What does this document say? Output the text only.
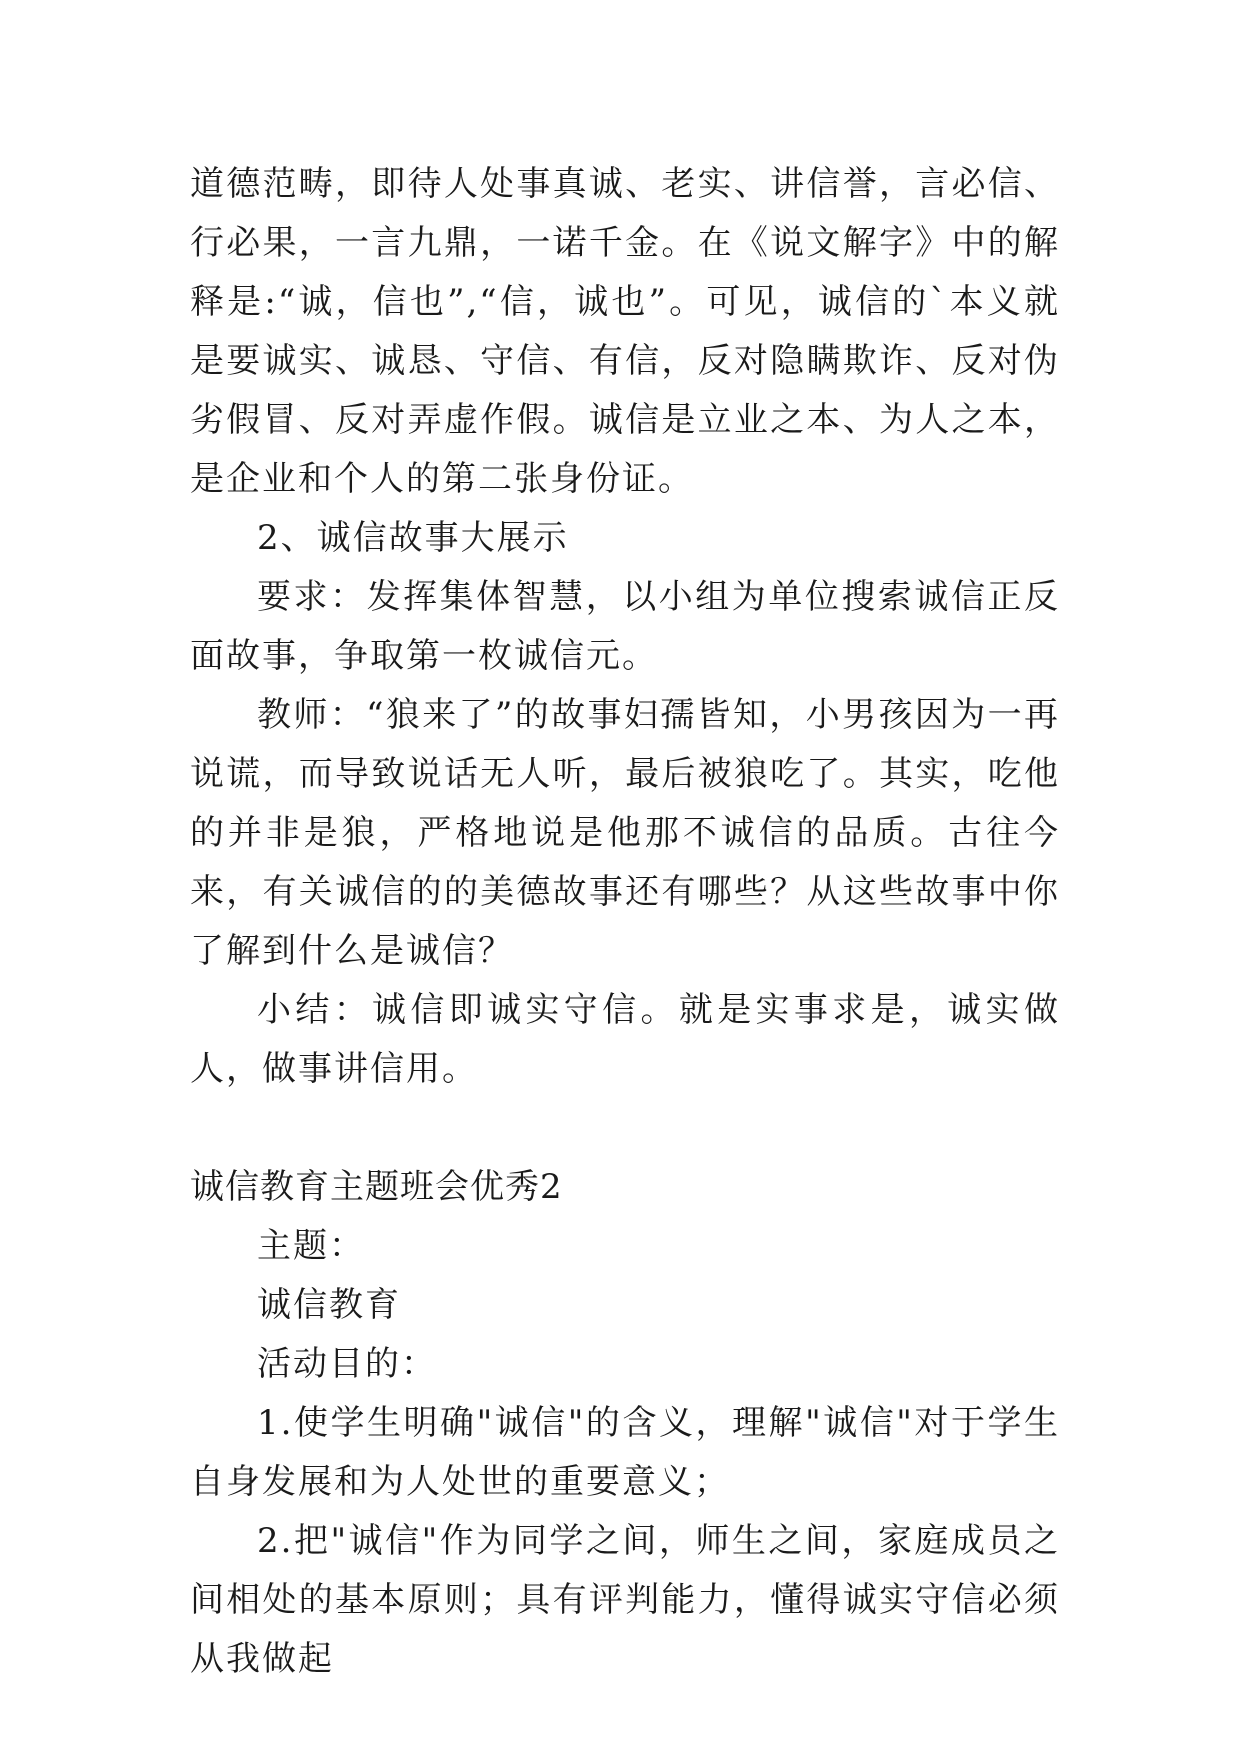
道德范畴，即待人处事真诚、老实、讲信誉，言必信、行必果，一言九鼎，一诺千金。在《说文解字》中的解释是:“诚，信也”,“信，诚也”。可见，诚信的`本义就是要诚实、诚恳、守信、有信，反对隐瞒欺诈、反对伪劣假冒、反对弄虚作假。诚信是立业之本、为人之本，是企业和个人的第二张身份证。

2、诚信故事大展示

要求：发挥集体智慧，以小组为单位搜索诚信正反面故事，争取第一枚诚信元。

教师：“狼来了”的故事妇孺皆知，小男孩因为一再说谎，而导致说话无人听，最后被狼吃了。其实，吃他的并非是狼，严格地说是他那不诚信的品质。古往今来，有关诚信的的美德故事还有哪些？从这些故事中你了解到什么是诚信？

小结：诚信即诚实守信。就是实事求是，诚实做人，做事讲信用。

诚信教育主题班会优秀2

主题：

诚信教育

活动目的：

1.使学生明确"诚信"的含义，理解"诚信"对于学生自身发展和为人处世的重要意义；

2.把"诚信"作为同学之间，师生之间，家庭成员之间相处的基本原则；具有评判能力，懂得诚实守信必须从我做起
